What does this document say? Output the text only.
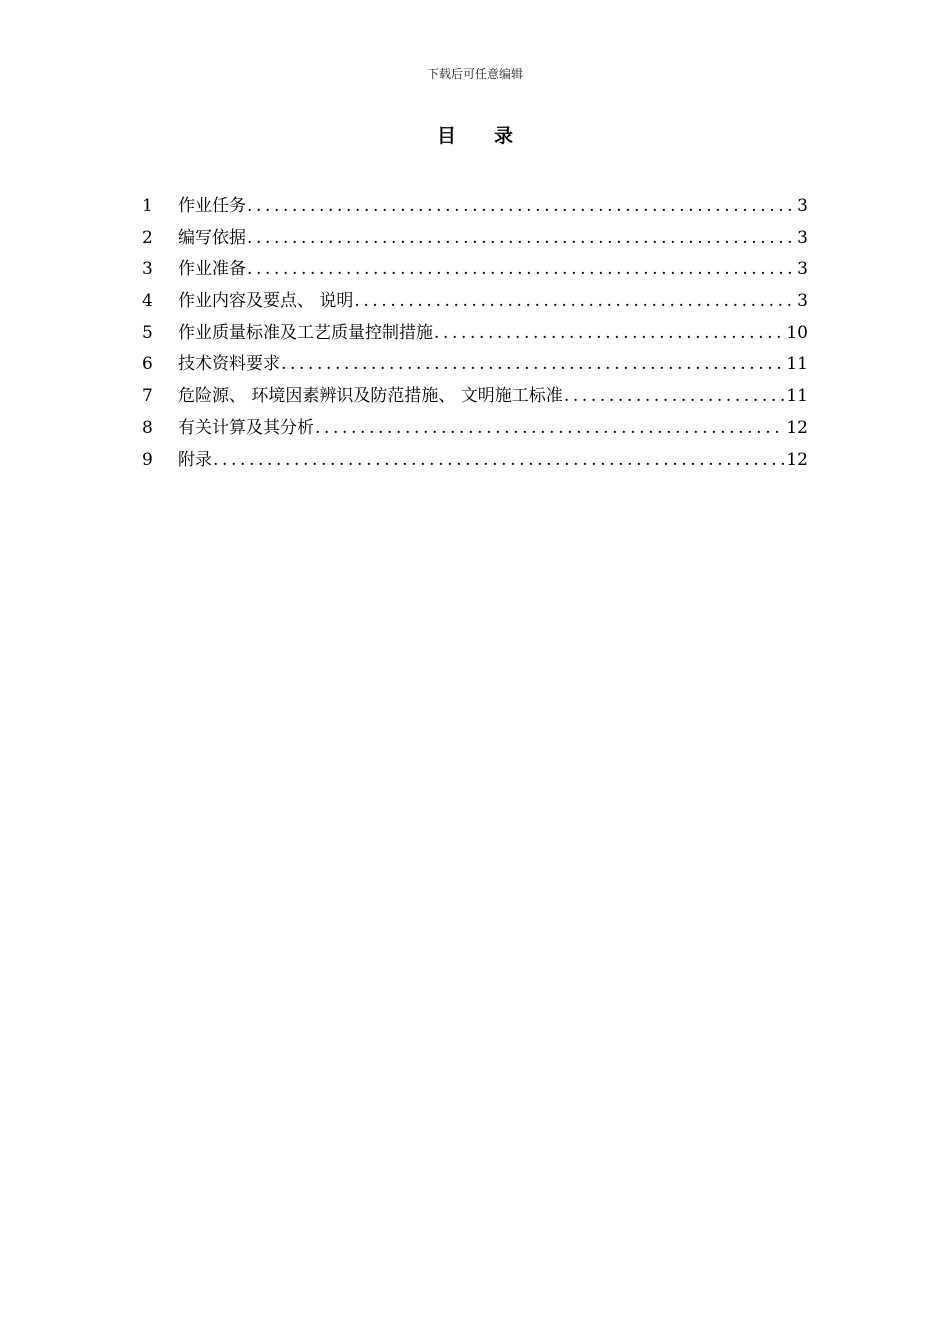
下载后可任意编辑
目 录
1	作业任务 .....	3
2	编写依据 .....	3
3	作业准备 .....	3
4	作业内容及要点、 说明 .....	3
5	作业质量标准及工艺质量控制措施 .....	10
6	技术资料要求 .....	11
7	危险源、 环境因素辨识及防范措施、 文明施工标准 .....	11
8	有关计算及其分析 .....	12
9	附录 .....	12
